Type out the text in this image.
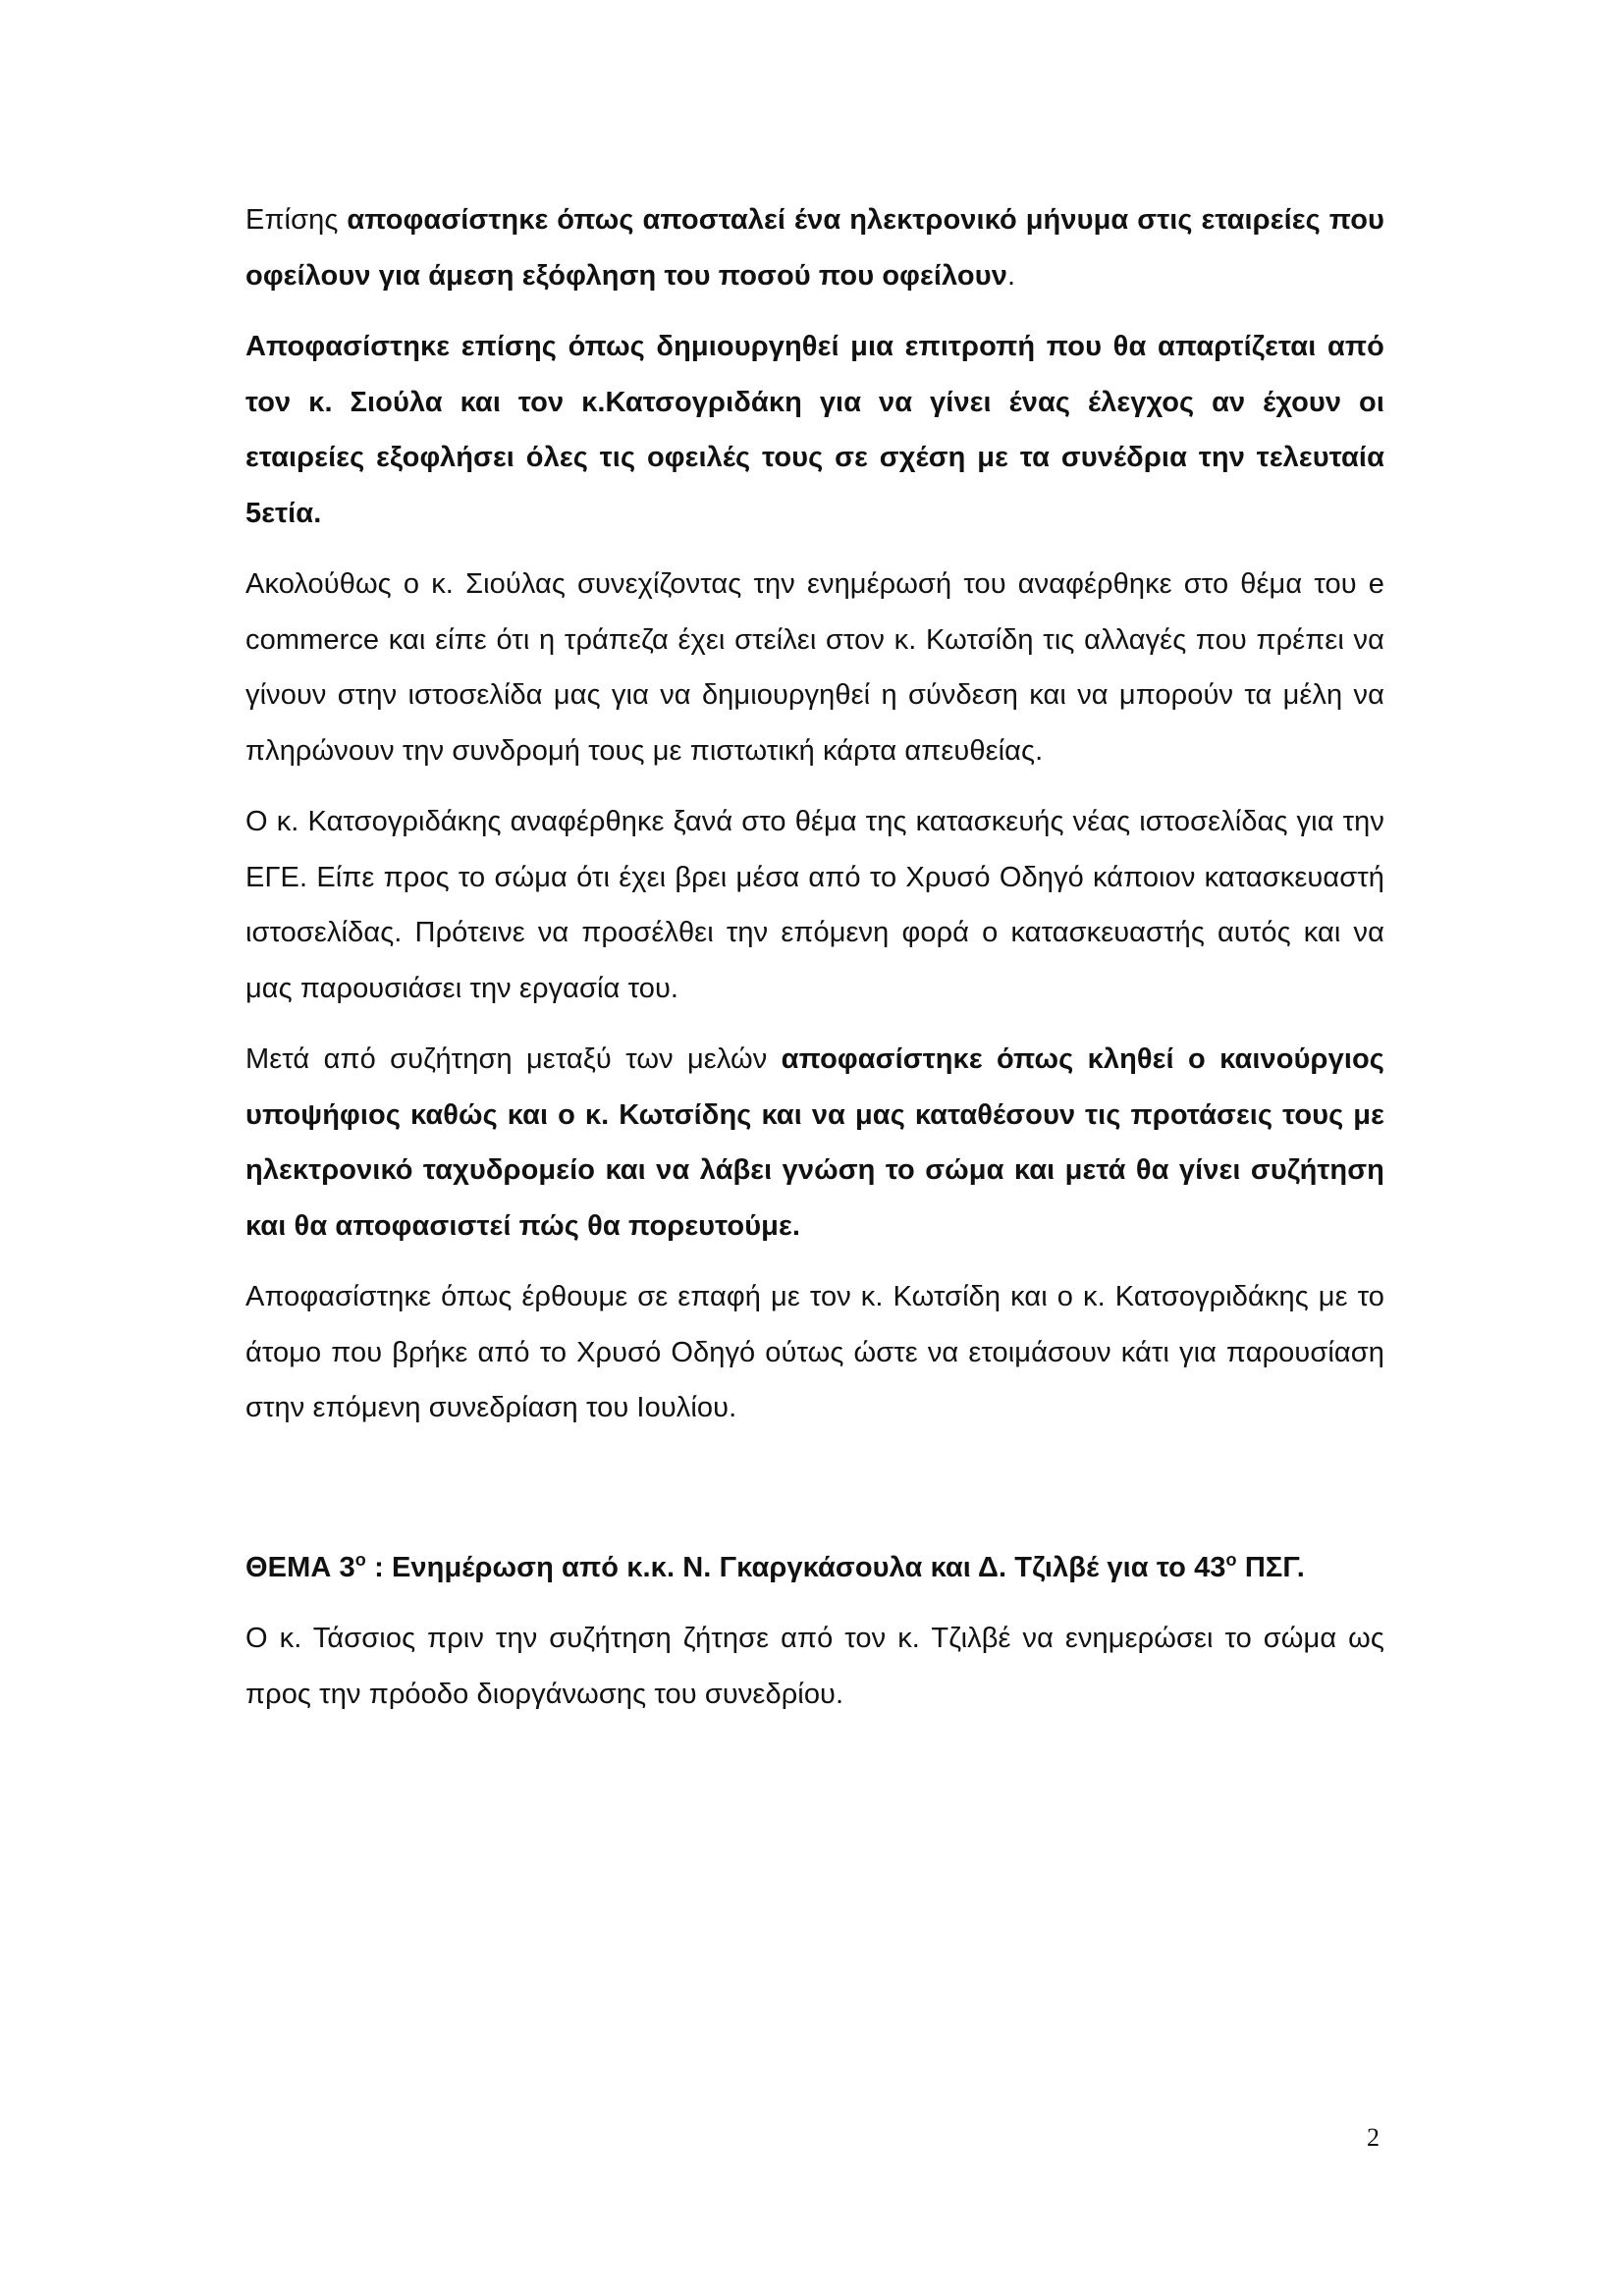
Επίσης αποφασίστηκε όπως αποσταλεί ένα ηλεκτρονικό μήνυμα στις εταιρείες που οφείλουν για άμεση εξόφληση του ποσού που οφείλουν.

Αποφασίστηκε επίσης όπως δημιουργηθεί μια επιτροπή που θα απαρτίζεται από τον κ. Σιούλα και τον κ.Κατσογριδάκη για να γίνει ένας έλεγχος αν έχουν οι εταιρείες εξοφλήσει όλες τις οφειλές τους σε σχέση με τα συνέδρια την τελευταία 5ετία.

Ακολούθως ο κ. Σιούλας συνεχίζοντας την ενημέρωσή του αναφέρθηκε στο θέμα του e commerce και είπε ότι η τράπεζα έχει στείλει στον κ. Κωτσίδη τις αλλαγές που πρέπει να γίνουν στην ιστοσελίδα μας για να δημιουργηθεί η σύνδεση και να μπορούν τα μέλη να πληρώνουν την συνδρομή τους με πιστωτική κάρτα απευθείας.

Ο κ. Κατσογριδάκης αναφέρθηκε ξανά στο θέμα της κατασκευής νέας ιστοσελίδας για την ΕΓΕ. Είπε προς το σώμα ότι έχει βρει μέσα από το Χρυσό Οδηγό κάποιον κατασκευαστή ιστοσελίδας. Πρότεινε να προσέλθει την επόμενη φορά ο κατασκευαστής αυτός και να μας παρουσιάσει την εργασία του.

Μετά από συζήτηση μεταξύ των μελών αποφασίστηκε όπως κληθεί ο καινούργιος υποψήφιος καθώς και ο κ. Κωτσίδης και να μας καταθέσουν τις προτάσεις τους με ηλεκτρονικό ταχυδρομείο και να λάβει γνώση το σώμα και μετά θα γίνει συζήτηση και θα αποφασιστεί πώς θα πορευτούμε.

Αποφασίστηκε όπως έρθουμε σε επαφή με τον κ. Κωτσίδη και ο κ. Κατσογριδάκης με το άτομο που βρήκε από το Χρυσό Οδηγό ούτως ώστε να ετοιμάσουν κάτι για παρουσίαση στην επόμενη συνεδρίαση του Ιουλίου.

ΘΕΜΑ $3^o$ : Ενημέρωση από κ.κ. Ν. Γκαργκάσουλα και Δ. Τζιλβέ για το $43^o$ ΠΣΓ.

Ο κ. Τάσσιος πριν την συζήτηση ζήτησε από τον κ. Τζιλβέ να ενημερώσει το σώμα ως προς την πρόοδο διοργάνωσης του συνεδρίου.

2
